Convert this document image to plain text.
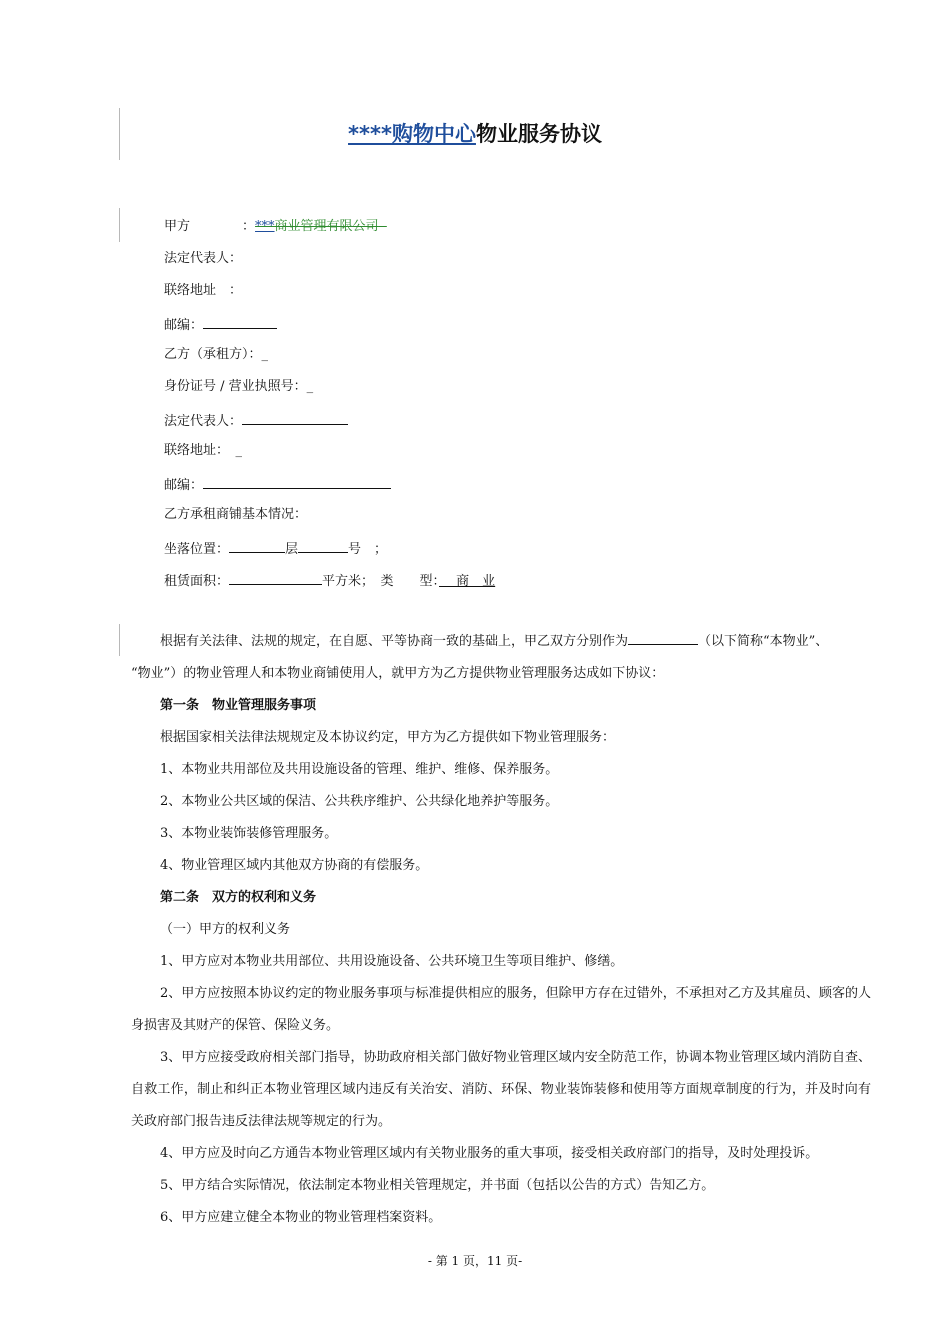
****购物中心物业服务协议
甲方	：***商业管理有限公司
法定代表人：
联络地址　：
邮编：
乙方（承租方）：_
身份证号 / 营业执照号：_
法定代表人：
联络地址：　_
邮编：
乙方承租商铺基本情况：
坐落位置：	层	号　；
租赁面积：	平方米；　类　　型：　 商　业
根据有关法律、法规的规定，在自愿、平等协商一致的基础上，甲乙双方分别作为	（以下简称“本物业”、
“物业”）的物业管理人和本物业商铺使用人，就甲方为乙方提供物业管理服务达成如下协议：
第一条　物业管理服务事项
根据国家相关法律法规规定及本协议约定，甲方为乙方提供如下物业管理服务：
1、本物业共用部位及共用设施设备的管理、维护、维修、保养服务。
2、本物业公共区域的保洁、公共秩序维护、公共绿化地养护等服务。
3、本物业装饰装修管理服务。
4、物业管理区域内其他双方协商的有偿服务。
第二条　双方的权利和义务
（一）甲方的权利义务
1、甲方应对本物业共用部位、共用设施设备、公共环境卫生等项目维护、修缮。
2、甲方应按照本协议约定的物业服务事项与标准提供相应的服务，但除甲方存在过错外，不承担对乙方及其雇员、顾客的人身损害及其财产的保管、保险义务。
3、甲方应接受政府相关部门指导，协助政府相关部门做好物业管理区域内安全防范工作，协调本物业管理区域内消防自查、自救工作，制止和纠正本物业管理区域内违反有关治安、消防、环保、物业装饰装修和使用等方面规章制度的行为，并及时向有关政府部门报告违反法律法规等规定的行为。
4、甲方应及时向乙方通告本物业管理区域内有关物业服务的重大事项，接受相关政府部门的指导，及时处理投诉。
5、甲方结合实际情况，依法制定本物业相关管理规定，并书面（包括以公告的方式）告知乙方。
6、甲方应建立健全本物业的物业管理档案资料。
- 第 1 页，11 页-
